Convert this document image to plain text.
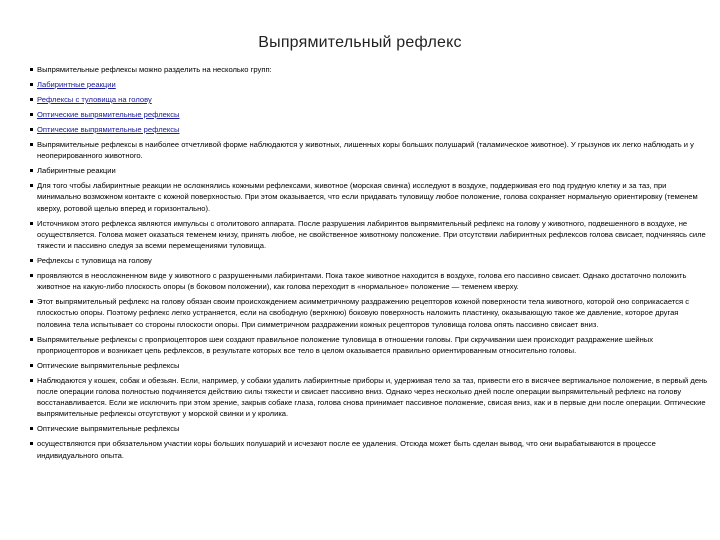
Выпрямительный рефлекс
Выпрямительные рефлексы можно разделить на несколько групп:
Лабиринтные реакции
Рефлексы с туловища на голову
Оптические выпрямительные рефлексы
Оптические выпрямительные рефлексы
Выпрямительные рефлексы в наиболее отчетливой форме наблюдаются у животных, лишенных коры больших полушарий (таламическое животное). У грызунов их легко наблюдать и у неоперированного животного.
Лабиринтные реакции
Для того чтобы лабиринтные реакции не осложнялись кожными рефлексами, животное (морская свинка) исследуют в воздухе, поддерживая его под грудную клетку и за таз, при минимально возможном контакте с кожной поверхностью. При этом оказывается, что если придавать туловищу любое положение, голова сохраняет нормальную ориентировку (теменем кверху, ротовой щелью вперед и горизонтально).
Источником этого рефлекса являются импульсы с отолитового аппарата. После разрушения лабиринтов выпрямительный рефлекс на голову у животного, подвешенного в воздухе, не осуществляется. Голова может оказаться теменем книзу, принять любое, не свойственное животному положение. При отсутствии лабиринтных рефлексов голова свисает, подчиняясь силе тяжести и пассивно следуя за всеми перемещениями туловища.
Рефлексы с туловища на голову
проявляются в неосложненном виде у животного с разрушенными лабиринтами. Пока такое животное находится в воздухе, голова его пассивно свисает. Однако достаточно положить животное на какую-либо плоскость опоры (в боковом положении), как голова переходит в «нормальное» положение — теменем кверху.
Этот выпрямительный рефлекс на голову обязан своим происхождением асимметричному раздражению рецепторов кожной поверхности тела животного, которой оно соприкасается с плоскостью опоры. Поэтому рефлекс легко устраняется, если на свободную (верхнюю) боковую поверхность наложить пластинку, оказывающую такое же давление, которое другая половина тела испытывает со стороны плоскости опоры. При симметричном раздражении кожных рецепторов туловища голова опять пассивно свисает вниз.
Выпрямительные рефлексы с проприоцепторов шеи создают правильное положение туловища в отношении головы. При скручивании шеи происходит раздражение шейных проприоцепторов и возникает цепь рефлексов, в результате которых все тело в целом оказывается правильно ориентированным относительно головы.
Оптические выпрямительные рефлексы
Наблюдаются у кошек, собак и обезьян. Если, например, у собаки удалить лабиринтные приборы и, удерживая тело за таз, привести его в висячее вертикальное положение, в первый день после операции голова полностью подчиняется действию силы тяжести и свисает пассивно вниз. Однако через несколько дней после операции выпрямительный рефлекс на голову восстанавливается. Если же исключить при этом зрение, закрыв собаке глаза, голова снова принимает пассивное положение, свисая вниз, как и в первые дни после операции. Оптические выпрямительные рефлексы отсутствуют у морской свинки и у кролика.
Оптические выпрямительные рефлексы
осуществляются при обязательном участии коры больших полушарий и исчезают после ее удаления. Отсюда может быть сделан вывод, что они вырабатываются в процессе индивидуального опыта.
